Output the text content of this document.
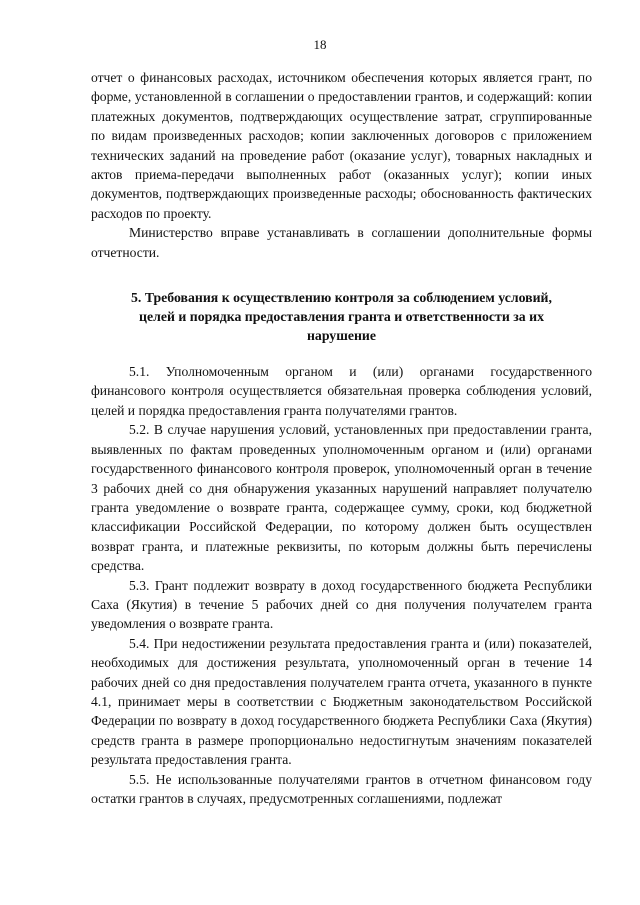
18

отчет о финансовых расходах, источником обеспечения которых является грант, по форме, установленной в соглашении о предоставлении грантов, и содержащий: копии платежных документов, подтверждающих осуществление затрат, сгруппированные по видам произведенных расходов; копии заключенных договоров с приложением технических заданий на проведение работ (оказание услуг), товарных накладных и актов приема-передачи выполненных работ (оказанных услуг); копии иных документов, подтверждающих произведенные расходы; обоснованность фактических расходов по проекту.

Министерство вправе устанавливать в соглашении дополнительные формы отчетности.

5. Требования к осуществлению контроля за соблюдением условий,
целей и порядка предоставления гранта и ответственности за их
нарушение

5.1. Уполномоченным органом и (или) органами государственного финансового контроля осуществляется обязательная проверка соблюдения условий, целей и порядка предоставления гранта получателями грантов.

5.2. В случае нарушения условий, установленных при предоставлении гранта, выявленных по фактам проведенных уполномоченным органом и (или) органами государственного финансового контроля проверок, уполномоченный орган в течение 3 рабочих дней со дня обнаружения указанных нарушений направляет получателю гранта уведомление о возврате гранта, содержащее сумму, сроки, код бюджетной классификации Российской Федерации, по которому должен быть осуществлен возврат гранта, и платежные реквизиты, по которым должны быть перечислены средства.

5.3. Грант подлежит возврату в доход государственного бюджета Республики Саха (Якутия) в течение 5 рабочих дней со дня получения получателем гранта уведомления о возврате гранта.

5.4. При недостижении результата предоставления гранта и (или) показателей, необходимых для достижения результата, уполномоченный орган в течение 14 рабочих дней со дня предоставления получателем гранта отчета, указанного в пункте 4.1, принимает меры в соответствии с Бюджетным законодательством Российской Федерации по возврату в доход государственного бюджета Республики Саха (Якутия) средств гранта в размере пропорционально недостигнутым значениям показателей результата предоставления гранта.

5.5. Не использованные получателями грантов в отчетном финансовом году остатки грантов в случаях, предусмотренных соглашениями, подлежат
